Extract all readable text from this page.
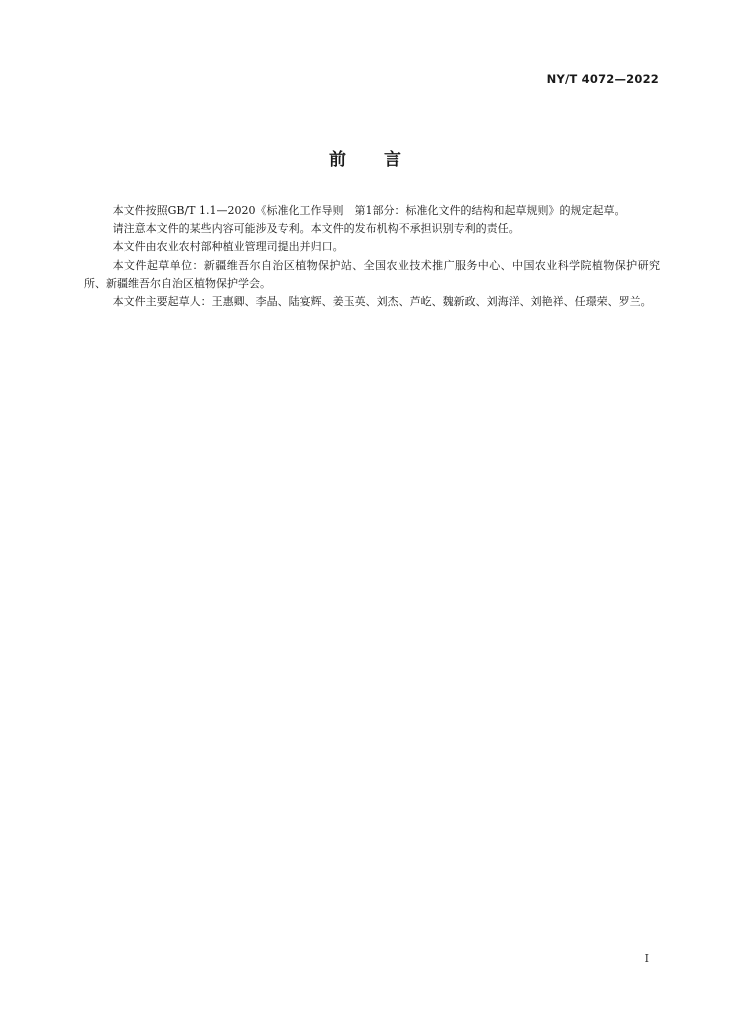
NY/T 4072—2022
前 言

本文件按照GB/T 1.1—2020《标准化工作导则　第1部分：标准化文件的结构和起草规则》的规定起草。

请注意本文件的某些内容可能涉及专利。本文件的发布机构不承担识别专利的责任。

本文件由农业农村部种植业管理司提出并归口。

本文件起草单位：新疆维吾尔自治区植物保护站、全国农业技术推广服务中心、中国农业科学院植物保护研究所、新疆维吾尔自治区植物保护学会。

本文件主要起草人：王惠卿、李晶、陆宴辉、姜玉英、刘杰、芦屹、魏新政、刘海洋、刘艳祥、任璟荣、罗兰。

I
